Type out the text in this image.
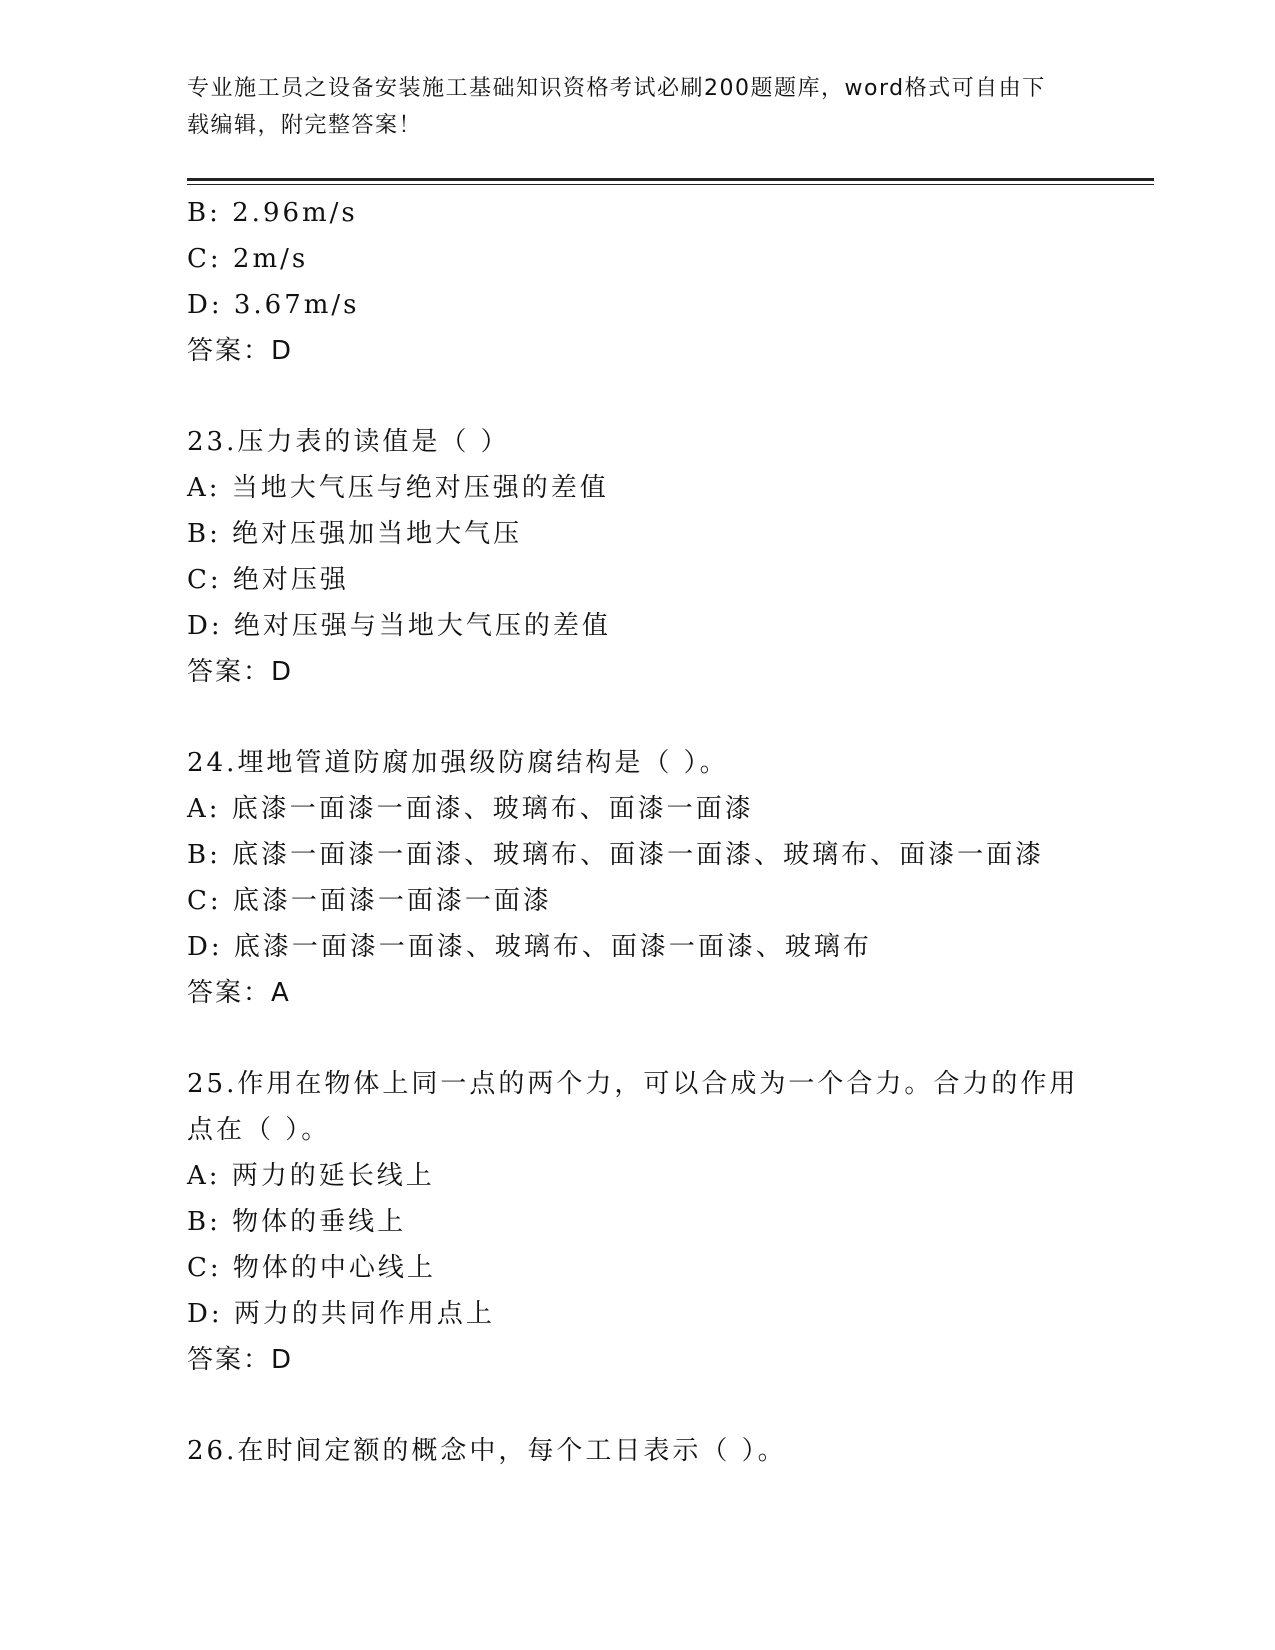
专业施工员之设备安装施工基础知识资格考试必刷200题题库，word格式可自由下载编辑，附完整答案！
B: 2.96m/s
C: 2m/s
D: 3.67m/s
答案：D
23.压力表的读值是（ ）
A: 当地大气压与绝对压强的差值
B: 绝对压强加当地大气压
C: 绝对压强
D: 绝对压强与当地大气压的差值
答案：D
24.埋地管道防腐加强级防腐结构是（ ）。
A: 底漆一面漆一面漆、玻璃布、面漆一面漆
B: 底漆一面漆一面漆、玻璃布、面漆一面漆、玻璃布、面漆一面漆
C: 底漆一面漆一面漆一面漆
D: 底漆一面漆一面漆、玻璃布、面漆一面漆、玻璃布
答案：A
25.作用在物体上同一点的两个力，可以合成为一个合力。合力的作用
点在（ ）。
A: 两力的延长线上
B: 物体的垂线上
C: 物体的中心线上
D: 两力的共同作用点上
答案：D
26.在时间定额的概念中，每个工日表示（ ）。
